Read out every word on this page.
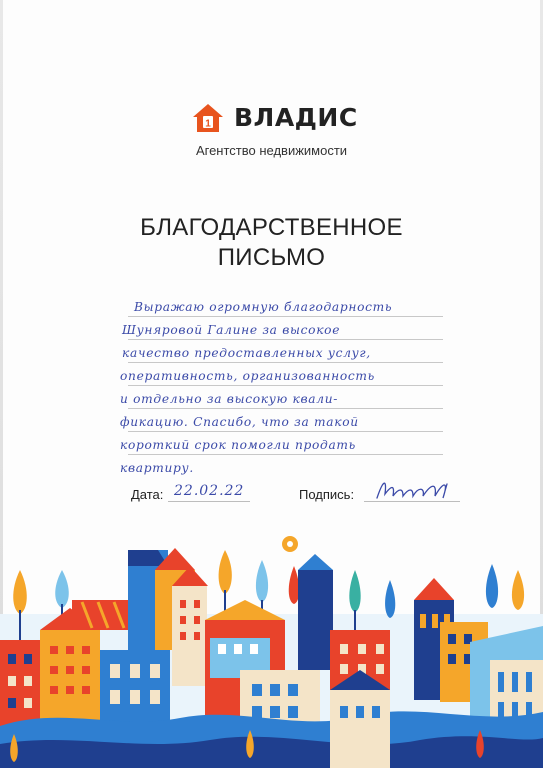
1 ВЛАДИС
Агентство недвижимости
БЛАГОДАРСТВЕННОЕ
ПИСЬМО
Выражаю огромную благодарность
Шуняровой Галине за высокое
качество предоставленных услуг,
оперативность, организованность
и отдельно за высокую квали-
фикацию. Спасибо, что за такой
короткий срок помогли продать
квартиру.
Дата: 22.02.22	Подпись:
